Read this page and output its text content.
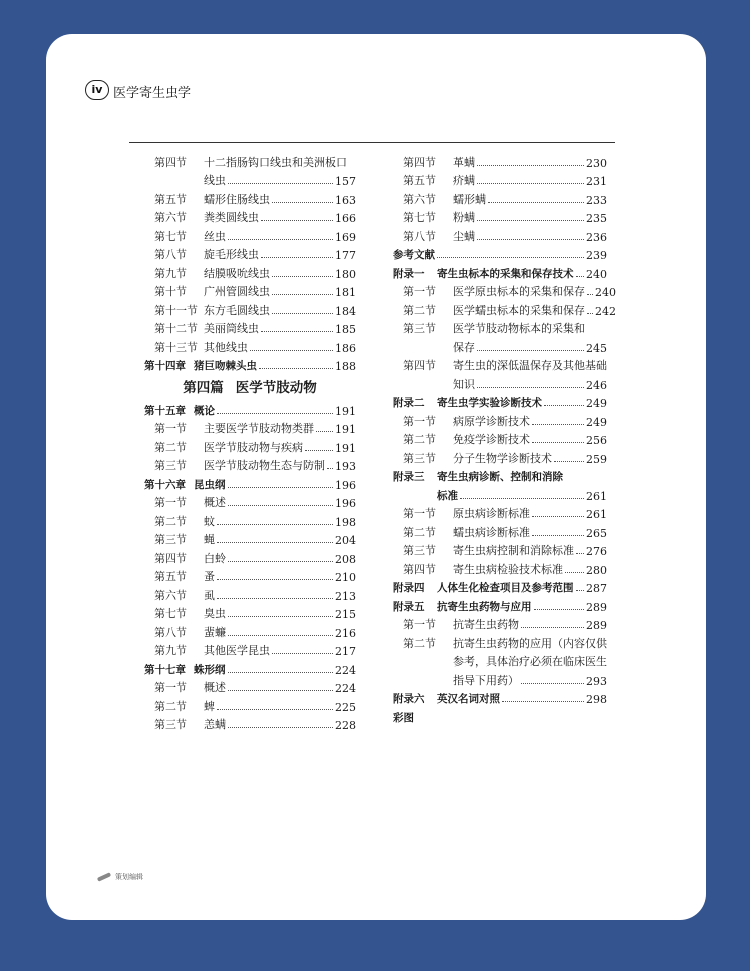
iv 医学寄生虫学
第四节	十二指肠钩口线虫和美洲板口
线虫	157
第五节	蠕形住肠线虫	163
第六节	粪类圆线虫	166
第七节	丝虫	169
第八节	旋毛形线虫	177
第九节	结膜吸吮线虫	180
第十节	广州管圆线虫	181
第十一节 东方毛圆线虫	184
第十二节 美丽筒线虫	185
第十三节 其他线虫	186
第十四章 猪巨吻棘头虫	188
第四篇 医学节肢动物
第十五章 概论	191
第一节	主要医学节肢动物类群 191
第二节	医学节肢动物与疾病	191
第三节	医学节肢动物生态与防制 193
第十六章 昆虫纲	196
第一节	概述	196
第二节	蚊	198
第三节	蝇	204
第四节	白蛉	208
第五节	蚤	210
第六节	虱	213
第七节	臭虫	215
第八节	蜚蠊	216
第九节	其他医学昆虫	217
第十七章 蛛形纲	224
第一节	概述	224
第二节	蜱	225
第三节	恙螨	228
第四节	革螨	230
第五节	疥螨	231
第六节	蠕形螨	233
第七节	粉螨	235
第八节	尘螨	236
参考文献	239
附录一	寄生虫标本的采集和保存技术 240
第一节	医学原虫标本的采集和保存 240
第二节	医学蠕虫标本的采集和保存 242
第三节	医学节肢动物标本的采集和
保存	245
第四节	寄生虫的深低温保存及其他基础
知识	246
附录二	寄生虫学实验诊断技术	249
第一节	病原学诊断技术	249
第二节	免疫学诊断技术	256
第三节	分子生物学诊断技术	259
附录三	寄生虫病诊断、控制和消除
标准	261
第一节	原虫病诊断标准	261
第二节	蠕虫病诊断标准	265
第三节	寄生虫病控制和消除标准 276
第四节	寄生虫病检验技术标准 280
附录四	人体生化检查项目及参考范围 287
附录五	抗寄生虫药物与应用	289
第一节	抗寄生虫药物	289
第二节	抗寄生虫药物的应用（内容仅供
参考，具体治疗必须在临床医生
指导下用药）	293
附录六	英汉名词对照	298
彩图
策划编辑
